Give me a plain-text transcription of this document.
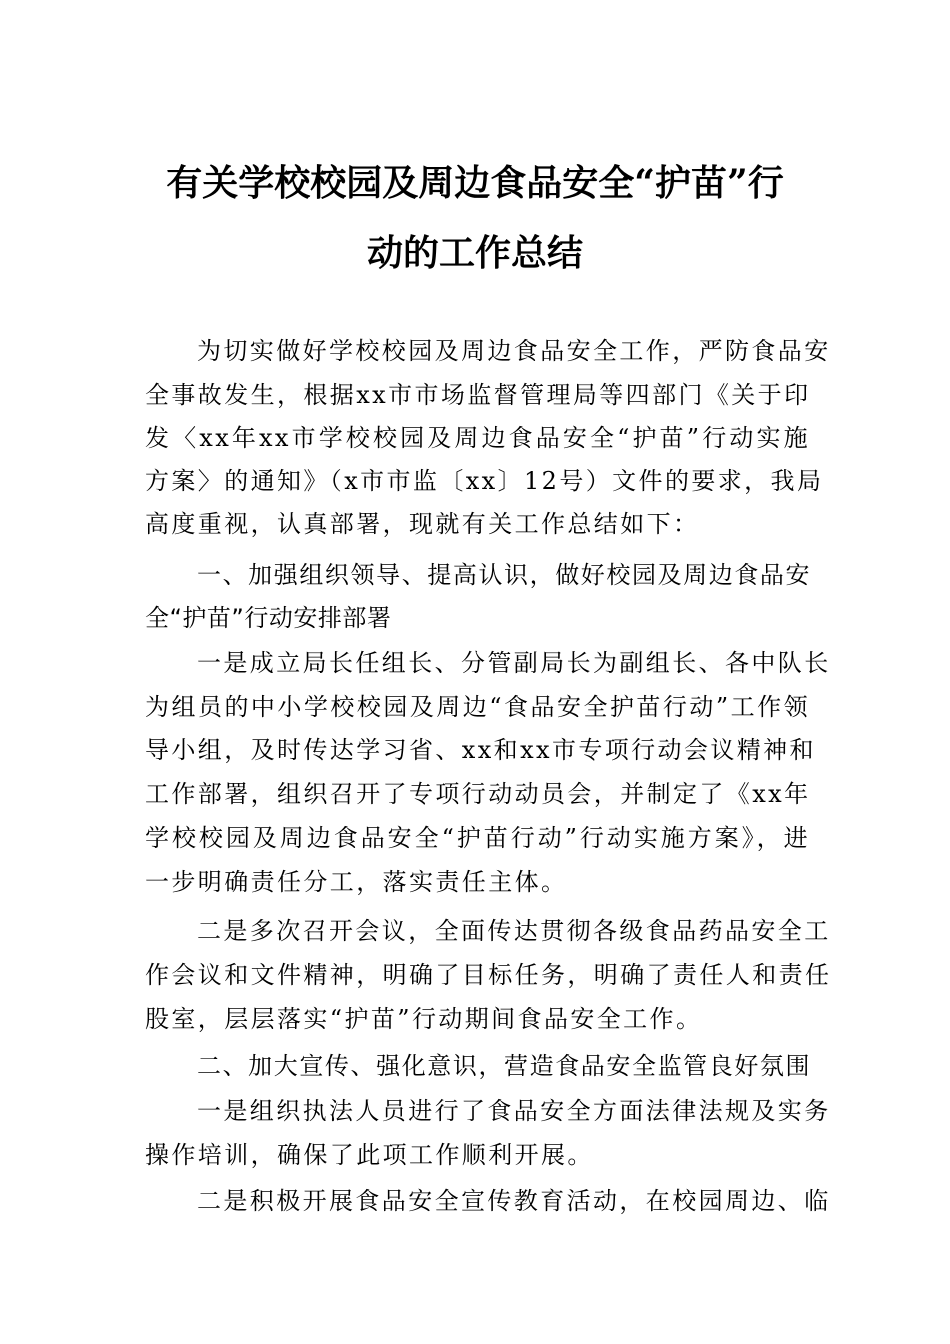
有关学校校园及周边食品安全“护苗”行
动的工作总结
为切实做好学校校园及周边食品安全工作，严防食品安
全事故发生，根据xx市市场监督管理局等四部门《关于印
发〈xx年xx市学校校园及周边食品安全“护苗”行动实施
方案〉的通知》（x市市监〔xx〕12号）文件的要求，我局
高度重视，认真部署，现就有关工作总结如下：
一、加强组织领导、提高认识，做好校园及周边食品安
全“护苗”行动安排部署
一是成立局长任组长、分管副局长为副组长、各中队长
为组员的中小学校校园及周边“食品安全护苗行动”工作领
导小组，及时传达学习省、xx和xx市专项行动会议精神和
工作部署，组织召开了专项行动动员会，并制定了《xx年
学校校园及周边食品安全“护苗行动”行动实施方案》，进
一步明确责任分工，落实责任主体。
二是多次召开会议，全面传达贯彻各级食品药品安全工
作会议和文件精神，明确了目标任务，明确了责任人和责任
股室，层层落实“护苗”行动期间食品安全工作。
二、加大宣传、强化意识，营造食品安全监管良好氛围
一是组织执法人员进行了食品安全方面法律法规及实务
操作培训，确保了此项工作顺利开展。
二是积极开展食品安全宣传教育活动，在校园周边、临
